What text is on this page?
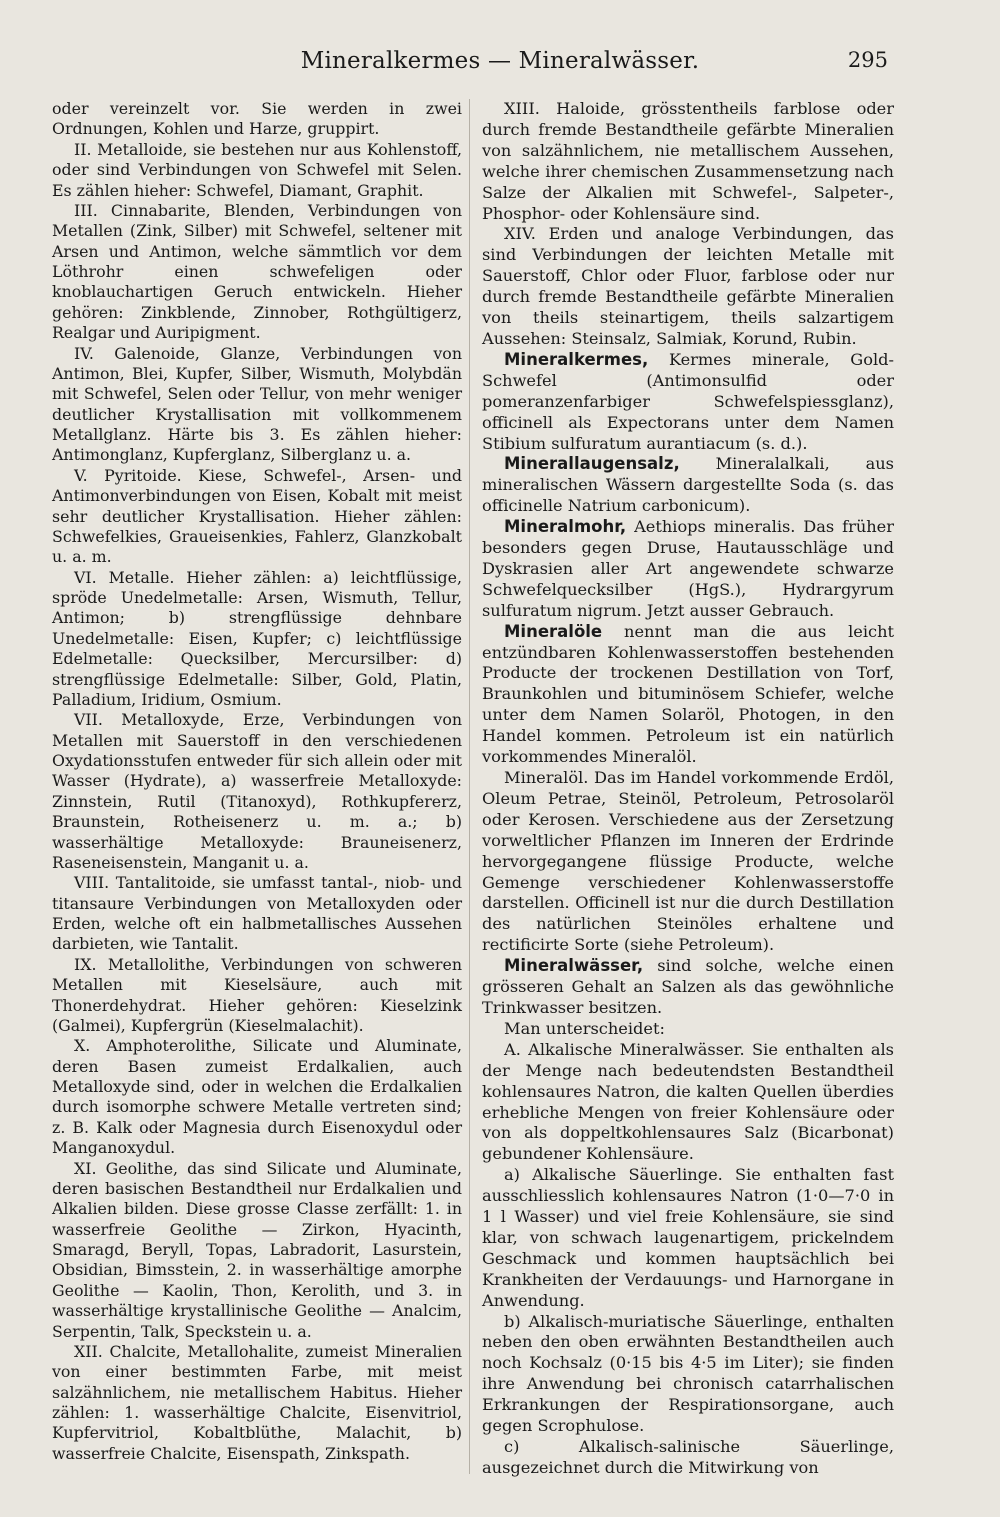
Mineralkermes — Mineralwässer.	295

oder vereinzelt vor. Sie werden in zwei Ordnungen, Kohlen und Harze, gruppirt.

II. Metalloide, sie bestehen nur aus Kohlenstoff, oder sind Verbindungen von Schwefel mit Selen. Es zählen hieher: Schwefel, Diamant, Graphit.

III. Cinnabarite, Blenden, Verbindungen von Metallen (Zink, Silber) mit Schwefel, seltener mit Arsen und Antimon, welche sämmtlich vor dem Löthrohr einen schwefeligen oder knoblauchartigen Geruch entwickeln. Hieher gehören: Zinkblende, Zinnober, Rothgültigerz, Realgar und Auripigment.

IV. Galenoide, Glanze, Verbindungen von Antimon, Blei, Kupfer, Silber, Wismuth, Molybdän mit Schwefel, Selen oder Tellur, von mehr weniger deutlicher Krystallisation mit vollkommenem Metallglanz. Härte bis 3. Es zählen hieher: Antimonglanz, Kupferglanz, Silberglanz u. a.

V. Pyritoide. Kiese, Schwefel-, Arsen- und Antimonverbindungen von Eisen, Kobalt mit meist sehr deutlicher Krystallisation. Hieher zählen: Schwefelkies, Graueisenkies, Fahlerz, Glanzkobalt u. a. m.

VI. Metalle. Hieher zählen: a) leichtflüssige, spröde Unedelmetalle: Arsen, Wismuth, Tellur, Antimon; b) strengflüssige dehnbare Unedelmetalle: Eisen, Kupfer; c) leichtflüssige Edelmetalle: Quecksilber, Mercursilber: d) strengflüssige Edelmetalle: Silber, Gold, Platin, Palladium, Iridium, Osmium.

VII. Metalloxyde, Erze, Verbindungen von Metallen mit Sauerstoff in den verschiedenen Oxydationsstufen entweder für sich allein oder mit Wasser (Hydrate), a) wasserfreie Metalloxyde: Zinnstein, Rutil (Titanoxyd), Rothkupfererz, Braunstein, Rotheisenerz u. m. a.; b) wasserhältige Metalloxyde: Brauneisenerz, Raseneisenstein, Manganit u. a.

VIII. Tantalitoide, sie umfasst tantal-, niob- und titansaure Verbindungen von Metalloxyden oder Erden, welche oft ein halbmetallisches Aussehen darbieten, wie Tantalit.

IX. Metallolithe, Verbindungen von schweren Metallen mit Kieselsäure, auch mit Thonerdehydrat. Hieher gehören: Kieselzink (Galmei), Kupfergrün (Kieselmalachit).

X. Amphoterolithe, Silicate und Aluminate, deren Basen zumeist Erdalkalien, auch Metalloxyde sind, oder in welchen die Erdalkalien durch isomorphe schwere Metalle vertreten sind; z. B. Kalk oder Magnesia durch Eisenoxydul oder Manganoxydul.

XI. Geolithe, das sind Silicate und Aluminate, deren basischen Bestandtheil nur Erdalkalien und Alkalien bilden. Diese grosse Classe zerfällt: 1. in wasserfreie Geolithe — Zirkon, Hyacinth, Smaragd, Beryll, Topas, Labradorit, Lasurstein, Obsidian, Bimsstein, 2. in wasserhältige amorphe Geolithe — Kaolin, Thon, Kerolith, und 3. in wasserhältige krystallinische Geolithe — Analcim, Serpentin, Talk, Speckstein u. a.

XII. Chalcite, Metallohalite, zumeist Mineralien von einer bestimmten Farbe, mit meist salzähnlichem, nie metallischem Habitus. Hieher zählen: 1. wasserhältige Chalcite, Eisenvitriol, Kupfervitriol, Kobaltblüthe, Malachit, b) wasserfreie Chalcite, Eisenspath, Zinkspath.

XIII. Haloide, grösstentheils farblose oder durch fremde Bestandtheile gefärbte Mineralien von salzähnlichem, nie metallischem Aussehen, welche ihrer chemischen Zusammensetzung nach Salze der Alkalien mit Schwefel-, Salpeter-, Phosphor- oder Kohlensäure sind.

XIV. Erden und analoge Verbindungen, das sind Verbindungen der leichten Metalle mit Sauerstoff, Chlor oder Fluor, farblose oder nur durch fremde Bestandtheile gefärbte Mineralien von theils steinartigem, theils salzartigem Aussehen: Steinsalz, Salmiak, Korund, Rubin.

Mineralkermes, Kermes minerale, Gold-Schwefel (Antimonsulfid oder pomeranzenfarbiger Schwefelspiessglanz), officinell als Expectorans unter dem Namen Stibium sulfuratum aurantiacum (s. d.).

Minerallaugensalz, Mineralalkali, aus mineralischen Wässern dargestellte Soda (s. das officinelle Natrium carbonicum).

Mineralmohr, Aethiops mineralis. Das früher besonders gegen Druse, Hautausschläge und Dyskrasien aller Art angewendete schwarze Schwefelquecksilber (HgS.), Hydrargyrum sulfuratum nigrum. Jetzt ausser Gebrauch.

Mineralöle nennt man die aus leicht entzündbaren Kohlenwasserstoffen bestehenden Producte der trockenen Destillation von Torf, Braunkohlen und bituminösem Schiefer, welche unter dem Namen Solaröl, Photogen, in den Handel kommen. Petroleum ist ein natürlich vorkommendes Mineralöl.

Mineralöl. Das im Handel vorkommende Erdöl, Oleum Petrae, Steinöl, Petroleum, Petrosolaröl oder Kerosen. Verschiedene aus der Zersetzung vorweltlicher Pflanzen im Inneren der Erdrinde hervorgegangene flüssige Producte, welche Gemenge verschiedener Kohlenwasserstoffe darstellen. Officinell ist nur die durch Destillation des natürlichen Steinöles erhaltene und rectificirte Sorte (siehe Petroleum).

Mineralwässer, sind solche, welche einen grösseren Gehalt an Salzen als das gewöhnliche Trinkwasser besitzen.

Man unterscheidet:

A. Alkalische Mineralwässer. Sie enthalten als der Menge nach bedeutendsten Bestandtheil kohlensaures Natron, die kalten Quellen überdies erhebliche Mengen von freier Kohlensäure oder von als doppeltkohlensaures Salz (Bicarbonat) gebundener Kohlensäure.

a) Alkalische Säuerlinge. Sie enthalten fast ausschliesslich kohlensaures Natron (1·0—7·0 in 1 l Wasser) und viel freie Kohlensäure, sie sind klar, von schwach laugenartigem, prickelndem Geschmack und kommen hauptsächlich bei Krankheiten der Verdauungs- und Harnorgane in Anwendung.

b) Alkalisch-muriatische Säuerlinge, enthalten neben den oben erwähnten Bestandtheilen auch noch Kochsalz (0·15 bis 4·5 im Liter); sie finden ihre Anwendung bei chronisch catarrhalischen Erkrankungen der Respirationsorgane, auch gegen Scrophulose.

c) Alkalisch-salinische Säuerlinge, ausgezeichnet durch die Mitwirkung von
